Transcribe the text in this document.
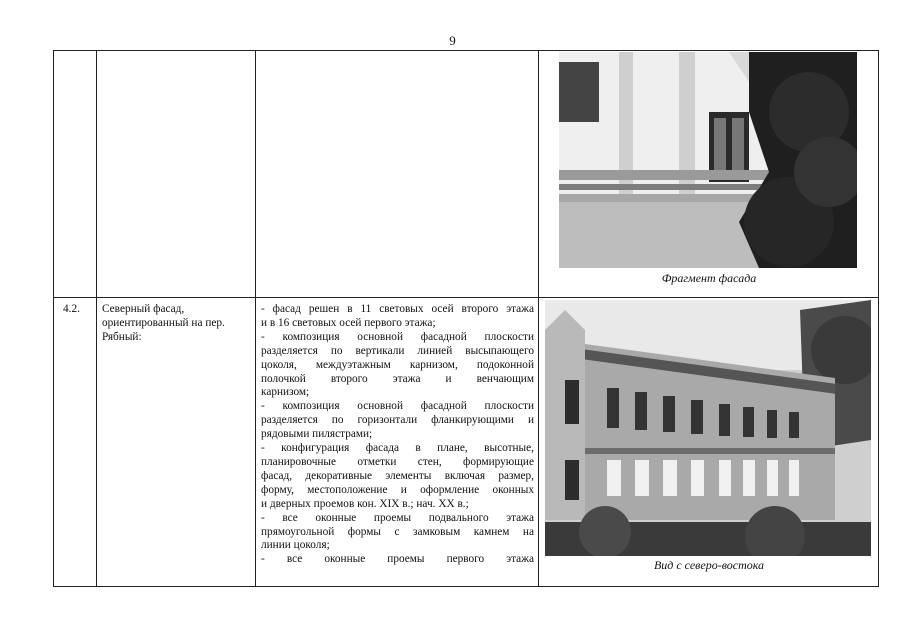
9
Фрагмент фасада
4.2. Северный фасад,
ориентированный на пер.
Рябный:
- фасад решен в 11 световых осей второго этажа
и в 16 световых осей первого этажа;
- композиция основной фасадной плоскости
разделяется по вертикали линией высыпающего
цоколя, междуэтажным карнизом, подоконной
полочкой второго этажа и венчающим
карнизом;
- композиция основной фасадной плоскости
разделяется по горизонтали фланкирующими и
рядовыми пилястрами;
- конфигурация фасада в плане, высотные,
планировочные отметки стен, формирующие
фасад, декоративные элементы включая размер,
форму, местоположение и оформление оконных
и дверных проемов кон. XIX в.; нач. XX в.;
- все оконные проемы подвального этажа
прямоугольной формы с замковым камнем на
линии цоколя;
- все оконные проемы первого этажа	Вид с северо-востока
